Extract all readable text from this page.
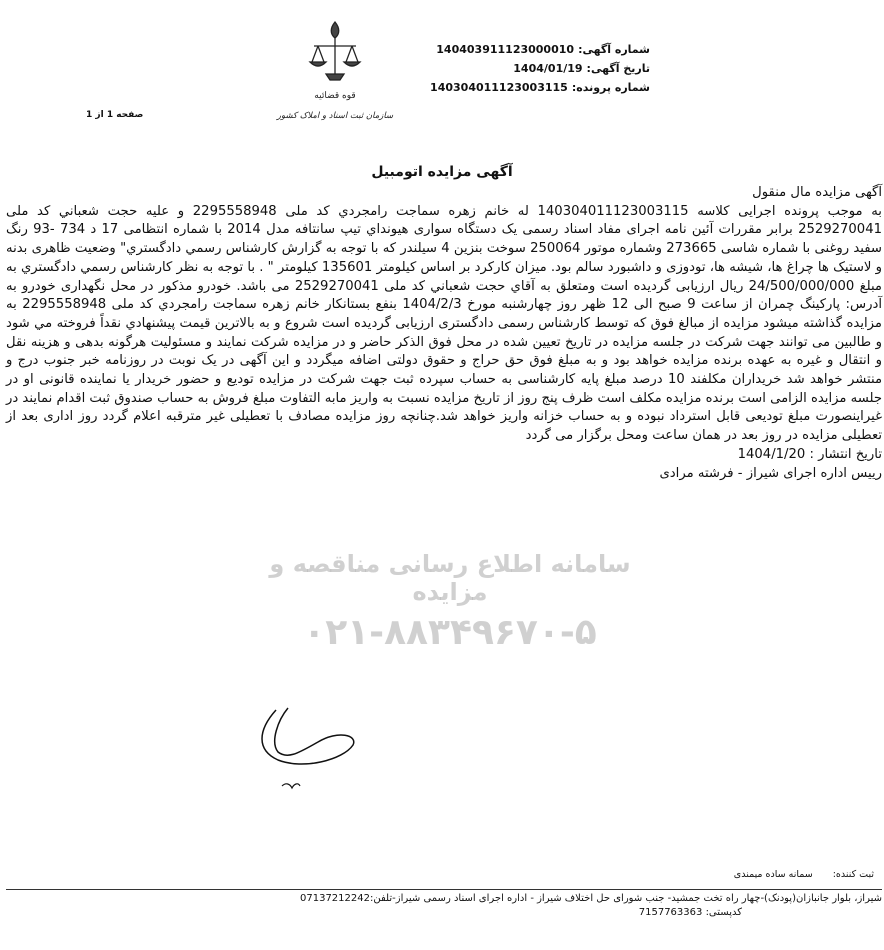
شماره آگهی:
140403911123000010
تاریخ آگهی:
1404/01/19
شماره پرونده:
140304011123003115
قوه قضائیه
سازمان ثبت اسناد و املاک کشور
صفحه 1 از 1
آگهی مزایده اتومبیل

آگهی مزایده مال منقول

به موجب پرونده اجرایی کلاسه 140304011123003115 له خانم زهره سماجت رامجردي کد ملی 2295558948 و علیه حجت شعباني کد ملی 2529270041 برابر مقررات آئین نامه اجرای مفاد اسناد رسمی یک دستگاه سواری هیونداي تیپ سانتافه مدل 2014 با شماره انتظامی 17 د 734 -93 رنگ سفید روغنی با شماره شاسی 273665 وشماره موتور 250064 سوخت بنزین 4 سیلندر که با توجه به گزارش کارشناس رسمي دادگستري" وضعیت ظاهری بدنه و لاستیک ها چراغ ها، شیشه ها، تودوزی و داشبورد سالم بود. میزان کارکرد بر اساس کیلومتر 135601 کیلومتر " . با توجه به نظر کارشناس رسمي دادگستري به مبلغ 24/500/000/000 ریال ارزیابی گردیده است ومتعلق به آقاي حجت شعباني کد ملی 2529270041 می باشد. خودرو مذکور در محل نگهداری خودرو به آدرس: پارکینگ چمران از ساعت 9 صبح الی 12 ظهر روز چهارشنبه مورخ 1404/2/3 بنفع بستانکار خانم زهره سماجت رامجردي کد ملی 2295558948 به مزایده گذاشته میشود مزایده از مبالغ فوق که توسط کارشناس رسمی دادگستری ارزیابی گردیده است شروع و به بالاترین قیمت پیشنهادي نقداً فروخته مي شود و طالبین می توانند جهت شرکت در جلسه مزایده در تاریخ تعیین شده در محل فوق الذکر حاضر و در مزایده شرکت نمایند و مسئولیت هرگونه بدهی و هزینه نقل و انتقال و غیره به عهده برنده مزایده خواهد بود و به مبلغ فوق حق حراج و حقوق دولتی اضافه میگردد و این آگهی در یک نوبت در روزنامه خبر جنوب درج و منتشر خواهد شد خریداران مکلفند 10 درصد مبلغ پایه کارشناسی به حساب سپرده ثبت جهت شرکت در مزایده تودیع و حضور خریدار یا نماینده قانونی او در جلسه مزایده الزامی است برنده مزایده مکلف است ظرف پنج روز از تاریخ مزایده نسبت به واریز مابه التفاوت مبلغ فروش به حساب صندوق ثبت اقدام نمایند در غیراینصورت مبلغ تودیعی قابل استرداد نبوده و به حساب خزانه واریز خواهد شد.چنانچه روز مزایده مصادف با تعطیلی غیر مترقبه اعلام گردد روز اداری بعد از تعطیلی مزایده در روز بعد در همان ساعت ومحل برگزار می گردد

تاریخ انتشار : 1404/1/20

رییس اداره اجرای شیراز - فرشته مرادی

سامانه اطلاع رسانی مناقصه و مزایده
۰۲۱-۸۸۳۴۹۶۷۰-۵
ثبت کننده:
سمانه ساده میمندی
شیراز، بلوار جانبازان(پودنک)-چهار راه تخت جمشید- جنب شورای حل اختلاف شیراز - اداره اجرای اسناد رسمی شیراز-تلفن:07137212242
کدپستی: 7157763363
